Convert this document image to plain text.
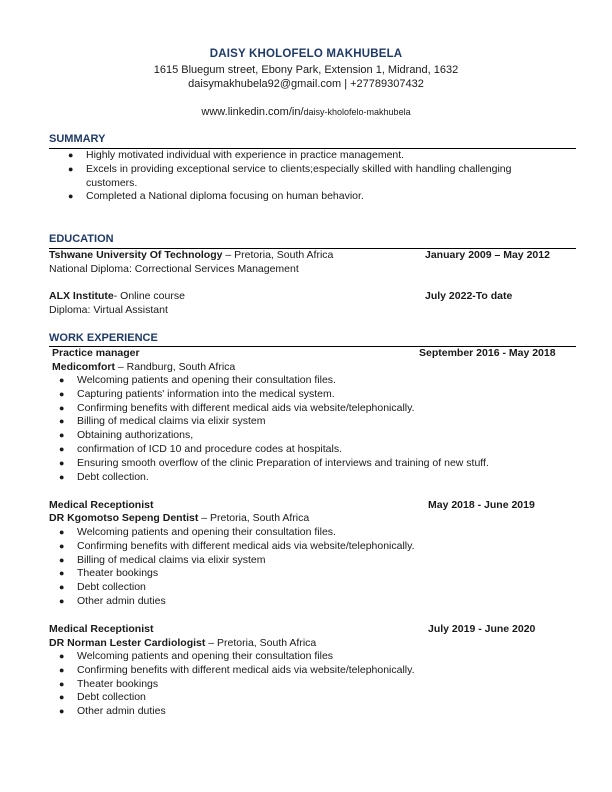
DAISY KHOLOFELO MAKHUBELA
1615 Bluegum street, Ebony Park, Extension 1, Midrand, 1632
daisymakhubela92@gmail.com | +27789307432
www.linkedin.com/in/daisy-kholofelo-makhubela
SUMMARY
● Highly motivated individual with experience in practice management.
● Excels in providing exceptional service to clients;especially skilled with handling challenging
customers.
● Completed a National diploma focusing on human behavior.
EDUCATION
Tshwane University Of Technology – Pretoria, South Africa	January 2009 – May 2012
National Diploma: Correctional Services Management
ALX Institute- Online course	July 2022-To date
Diploma: Virtual Assistant
WORK EXPERIENCE
Practice manager	September 2016 - May 2018
Medicomfort – Randburg, South Africa
● Welcoming patients and opening their consultation files.
● Capturing patients' information into the medical system.
● Confirming benefits with different medical aids via website/telephonically.
● Billing of medical claims via elixir system
● Obtaining authorizations,
● confirmation of ICD 10 and procedure codes at hospitals.
● Ensuring smooth overflow of the clinic Preparation of interviews and training of new stuff.
● Debt collection.
Medical Receptionist	May 2018 - June 2019
DR Kgomotso Sepeng Dentist – Pretoria, South Africa
● Welcoming patients and opening their consultation files.
● Confirming benefits with different medical aids via website/telephonically.
● Billing of medical claims via elixir system
● Theater bookings
● Debt collection
● Other admin duties
Medical Receptionist	July 2019 - June 2020
DR Norman Lester Cardiologist – Pretoria, South Africa
● Welcoming patients and opening their consultation files
● Confirming benefits with different medical aids via website/telephonically.
● Theater bookings
● Debt collection
● Other admin duties
